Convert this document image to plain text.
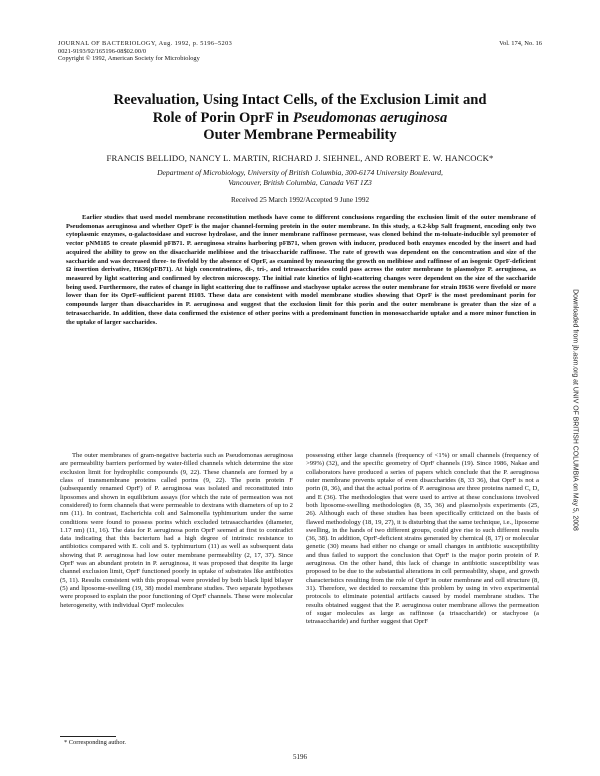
JOURNAL OF BACTERIOLOGY, Aug. 1992, p. 5196–5203
0021-9193/92/165196-08$02.00/0
Copyright © 1992, American Society for Microbiology
Vol. 174, No. 16
Reevaluation, Using Intact Cells, of the Exclusion Limit and
Role of Porin OprF in Pseudomonas aeruginosa
Outer Membrane Permeability
FRANCIS BELLIDO, NANCY L. MARTIN, RICHARD J. SIEHNEL, AND ROBERT E. W. HANCOCK*
Department of Microbiology, University of British Columbia, 300-6174 University Boulevard,
Vancouver, British Columbia, Canada V6T 1Z3
Received 25 March 1992/Accepted 9 June 1992
Earlier studies that used model membrane reconstitution methods have come to different conclusions regarding the exclusion limit of the outer membrane of Pseudomonas aeruginosa and whether OprF is the major channel-forming protein in the outer membrane. In this study, a 6.2-kbp SalI fragment, encoding only two cytoplasmic enzymes, α-galactosidase and sucrose hydrolase, and the inner membrane raffinose permease, was cloned behind the m-toluate-inducible xyl promoter of vector pNM185 to create plasmid pFB71. P. aeruginosa strains harboring pFB71, when grown with inducer, produced both enzymes encoded by the insert and had acquired the ability to grow on the disaccharide melibiose and the trisaccharide raffinose. The rate of growth was dependent on the concentration and size of the saccharide and was decreased three- to fivefold by the absence of OprF, as examined by measuring the growth on melibiose and raffinose of an isogenic OprF-deficient Ω insertion derivative, H636(pFB71). At high concentrations, di-, tri-, and tetrasaccharides could pass across the outer membrane to plasmolyze P. aeruginosa, as measured by light scattering and confirmed by electron microscopy. The initial rate kinetics of light-scattering changes were dependent on the size of the saccharide being used. Furthermore, the rates of change in light scattering due to raffinose and stachyose uptake across the outer membrane for strain H636 were fivefold or more lower than for its OprF-sufficient parent H103. These data are consistent with model membrane studies showing that OprF is the most predominant porin for compounds larger than disaccharides in P. aeruginosa and suggest that the exclusion limit for this porin and the outer membrane is greater than the size of a tetrasaccharide. In addition, these data confirmed the existence of other porins with a predominant function in monosaccharide uptake and a more minor function in the uptake of larger saccharides.
The outer membranes of gram-negative bacteria such as Pseudomonas aeruginosa are permeability barriers performed by water-filled channels which determine the size exclusion limit for hydrophilic compounds (9, 22). These channels are formed by a class of transmembrane proteins called porins (9, 22). The porin protein F (subsequently renamed OprF) of P. aeruginosa was isolated and reconstituted into liposomes and shown in equilibrium assays (for which the rate of permeation was not considered) to form channels that were permeable to dextrans with diameters of up to 2 nm (11). In contrast, Escherichia coli and Salmonella typhimurium under the same conditions were found to possess porins which excluded tetrasaccharides (diameter, 1.17 nm) (11, 16). The data for P. aeruginosa porin OprF seemed at first to contradict data indicating that this bacterium had a high degree of intrinsic resistance to antibiotics compared with E. coli and S. typhimurium (11) as well as subsequent data showing that P. aeruginosa had low outer membrane permeability (2, 17, 37). Since OprF was an abundant protein in P. aeruginosa, it was proposed that despite its large channel exclusion limit, OprF functioned poorly in uptake of substrates like antibiotics (5, 11). Results consistent with this proposal were provided by both black lipid bilayer (5) and liposome-swelling (19, 38) model membrane studies. Two separate hypotheses were proposed to explain the poor functioning of OprF channels. These were molecular heterogeneity, with individual OprF molecules
possessing either large channels (frequency of <1%) or small channels (frequency of >99%) (32), and the specific geometry of OprF channels (19). Since 1986, Nakae and collaborators have produced a series of papers which conclude that the P. aeruginosa outer membrane prevents uptake of even disaccharides (8, 33 36), that OprF is not a porin (8, 36), and that the actual porins of P. aeruginosa are three proteins named C, D, and E (36). The methodologies that were used to arrive at these conclusions involved both liposome-swelling methodologies (8, 35, 36) and plasmolysis experiments (25, 26). Although each of these studies has been specifically criticized on the basis of flawed methodology (18, 19, 27), it is disturbing that the same technique, i.e., liposome swelling, in the hands of two different groups, could give rise to such different results (36, 38). In addition, OprF-deficient strains generated by chemical (8, 17) or molecular genetic (30) means had either no change or small changes in antibiotic susceptibility and thus failed to support the conclusion that OprF is the major porin protein of P. aeruginosa. On the other hand, this lack of change in antibiotic susceptibility was proposed to be due to the substantial alterations in cell permeability, shape, and growth characteristics resulting from the role of OprF in outer membrane and cell structure (8, 31). Therefore, we decided to reexamine this problem by using in vivo experimental protocols to eliminate potential artifacts caused by model membrane studies. The results obtained suggest that the P. aeruginosa outer membrane allows the permeation of sugar molecules as large as raffinose (a trisaccharide) or stachyose (a tetrasaccharide) and further suggest that OprF
* Corresponding author.
5196
Downloaded from jb.asm.org at UNIV OF BRITISH COLUMBIA on May 5, 2008
